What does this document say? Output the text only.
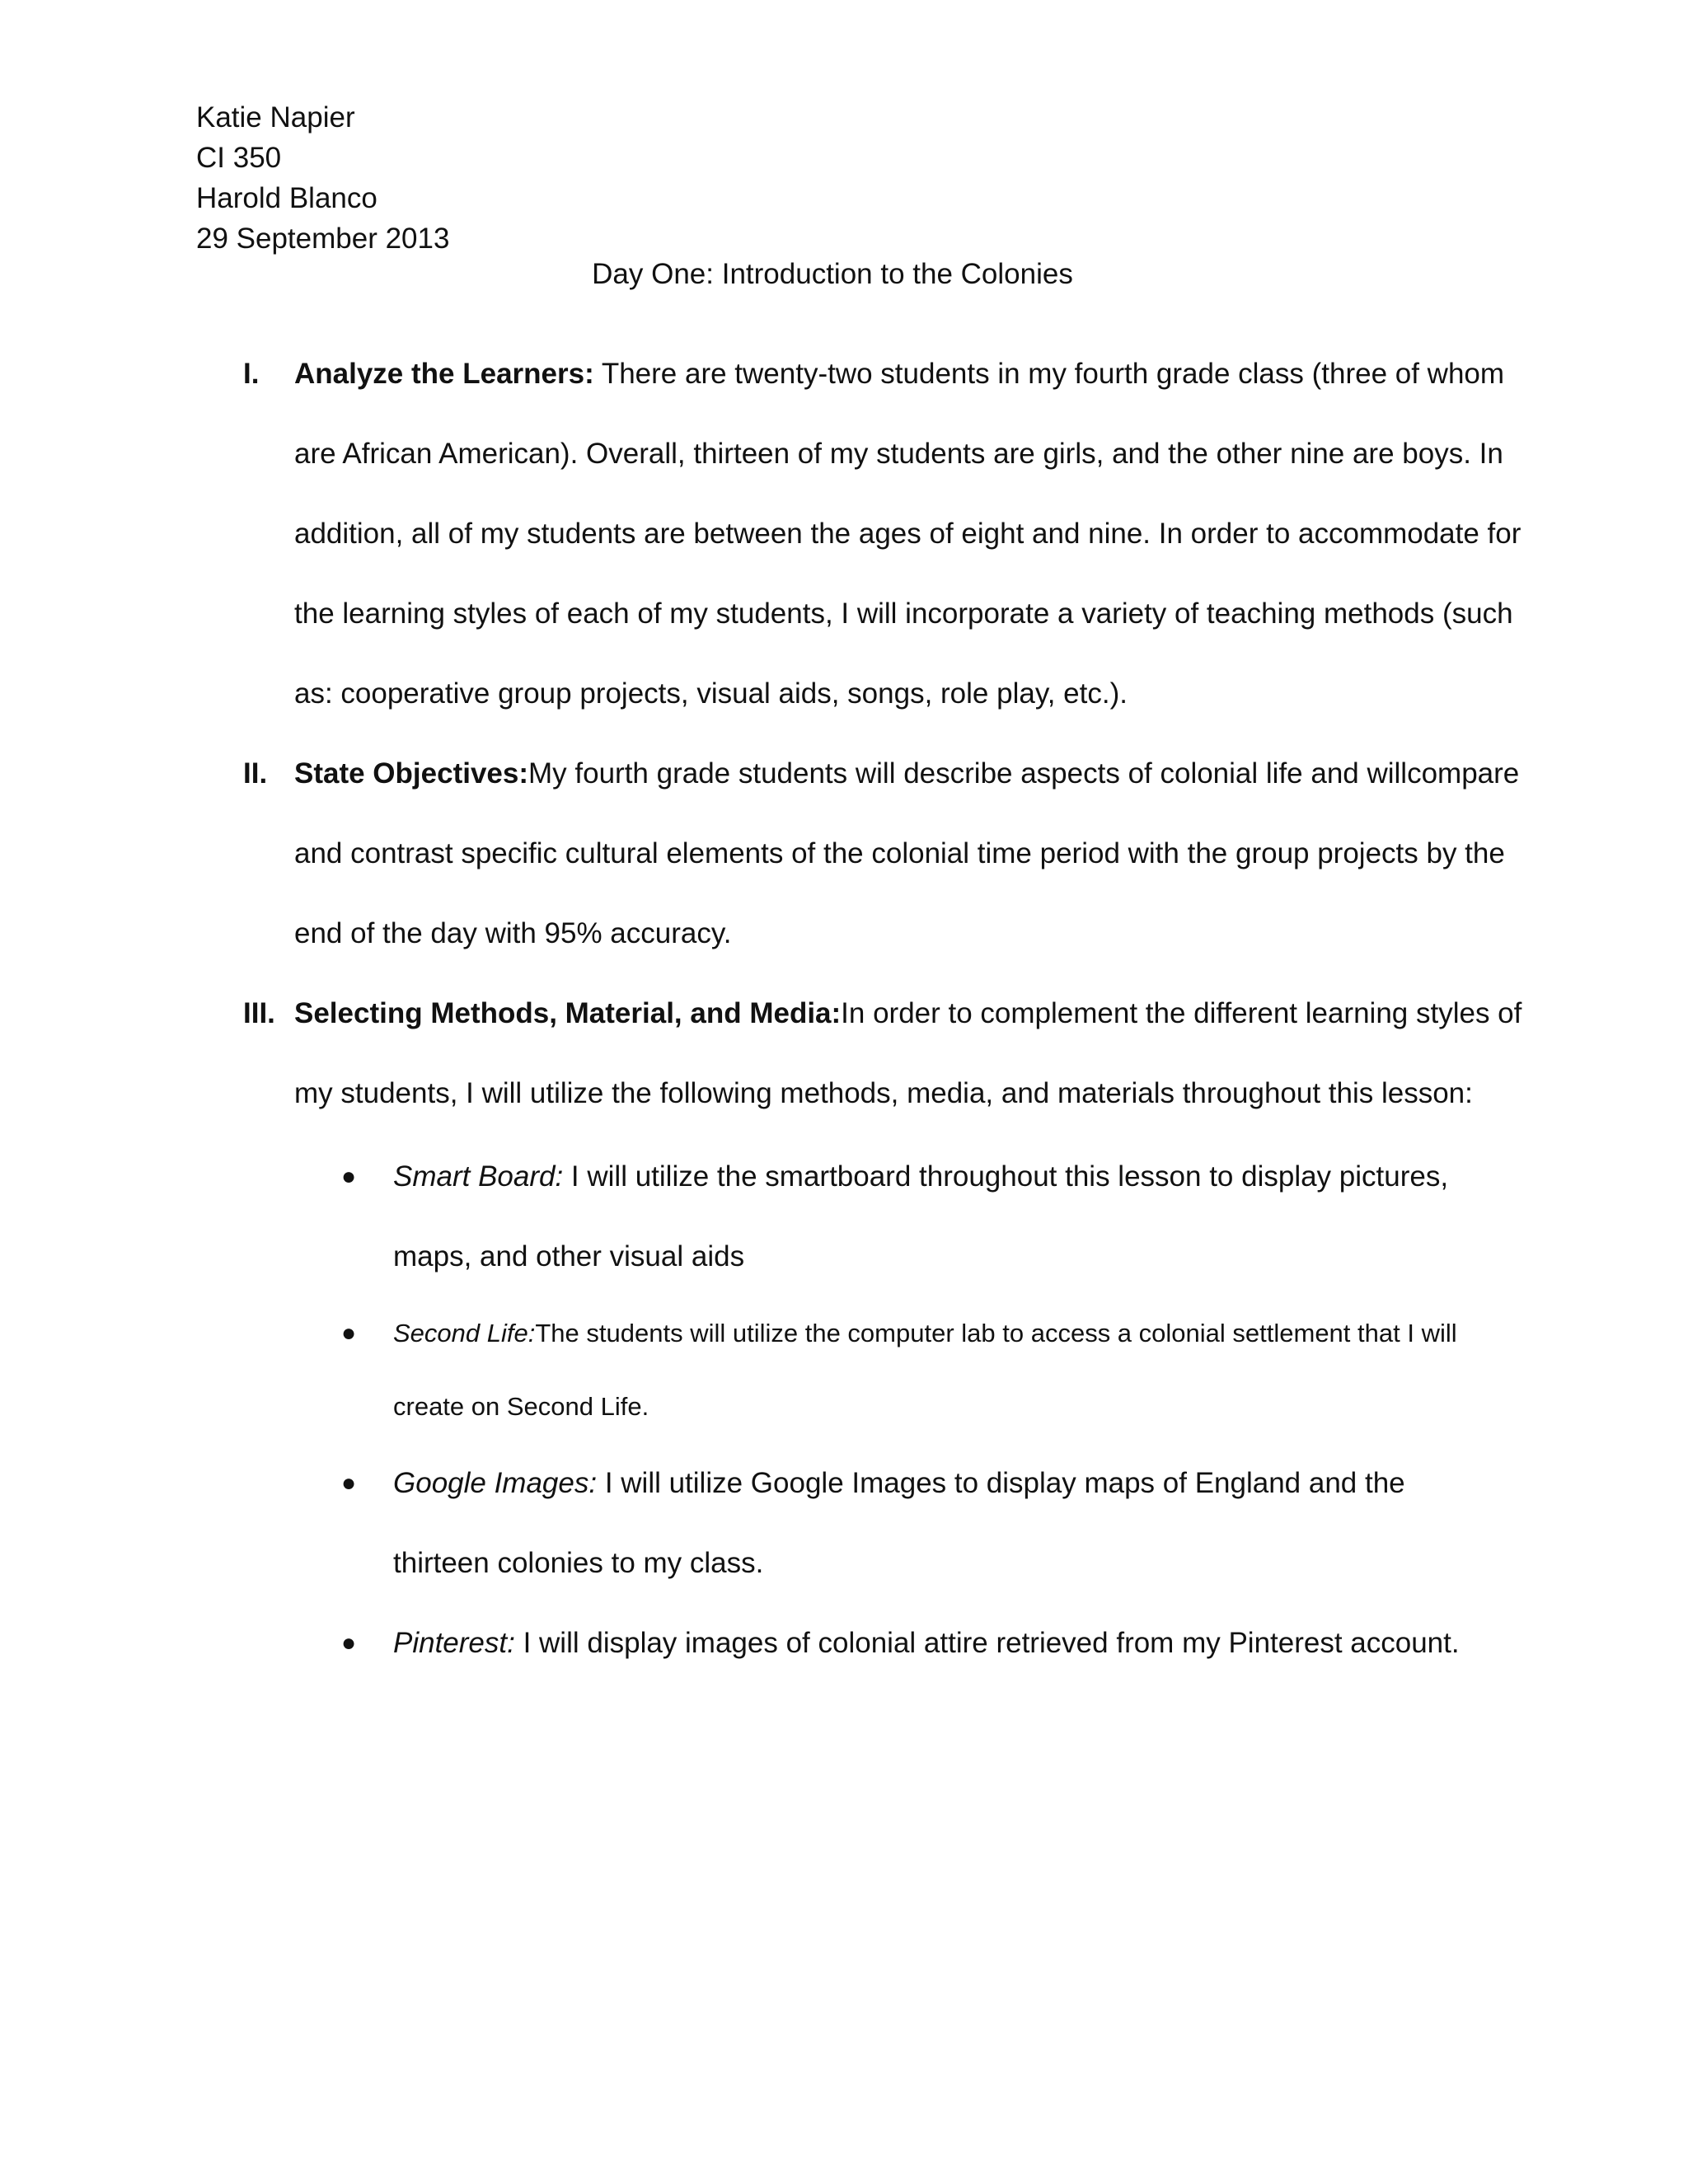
Katie Napier
CI 350
Harold Blanco
29 September 2013
Day One: Introduction to the Colonies
I.	Analyze the Learners: There are twenty-two students in my fourth grade class (three of whom are African American). Overall, thirteen of my students are girls, and the other nine are boys. In addition, all of my students are between the ages of eight and nine. In order to accommodate for the learning styles of each of my students, I will incorporate a variety of teaching methods (such as: cooperative group projects, visual aids, songs, role play, etc.).
II. State Objectives:My fourth grade students will describe aspects of colonial life and willcompare and contrast specific cultural elements of the colonial time period with the group projects by the end of the day with 95% accuracy.
III. Selecting Methods, Material, and Media:In order to complement the different learning styles of my students, I will utilize the following methods, media, and materials throughout this lesson:
● Smart Board: I will utilize the smartboard throughout this lesson to display pictures, maps, and other visual aids
● Second Life:The students will utilize the computer lab to access a colonial settlement that I will create on Second Life.
● Google Images: I will utilize Google Images to display maps of England and the thirteen colonies to my class.
● Pinterest: I will display images of colonial attire retrieved from my Pinterest account.
